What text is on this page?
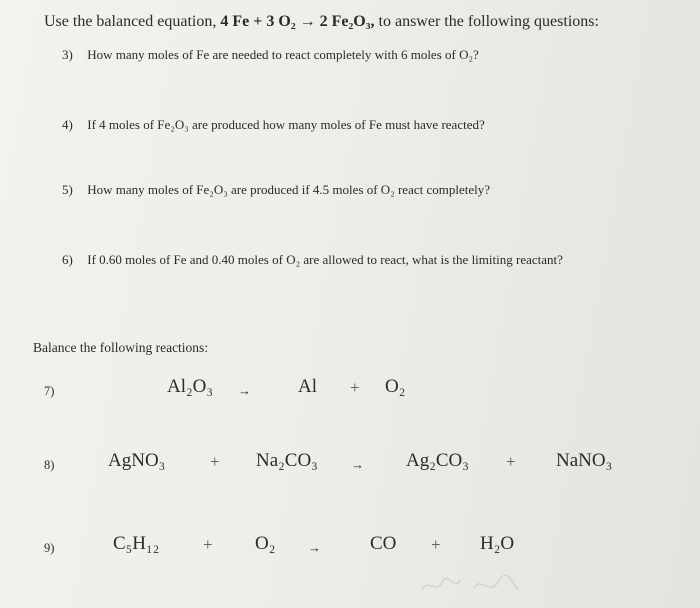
Use the balanced equation, 4 Fe + 3 O₂ → 2 Fe₂O₃, to answer the following questions:
3) How many moles of Fe are needed to react completely with 6 moles of O₂?
4) If 4 moles of Fe₂O₃ are produced how many moles of Fe must have reacted?
5) How many moles of Fe₂O₃ are produced if 4.5 moles of O₂ react completely?
6) If 0.60 moles of Fe and 0.40 moles of O₂ are allowed to react, what is the limiting reactant?
Balance the following reactions:
7)	Al₂O₃ → Al + O₂
8)	AgNO₃	+ Na₂CO₃	→ Ag₂CO₃ + NaNO₃
9)	C₅H₁₂	+ O₂	→	CO + H₂O
